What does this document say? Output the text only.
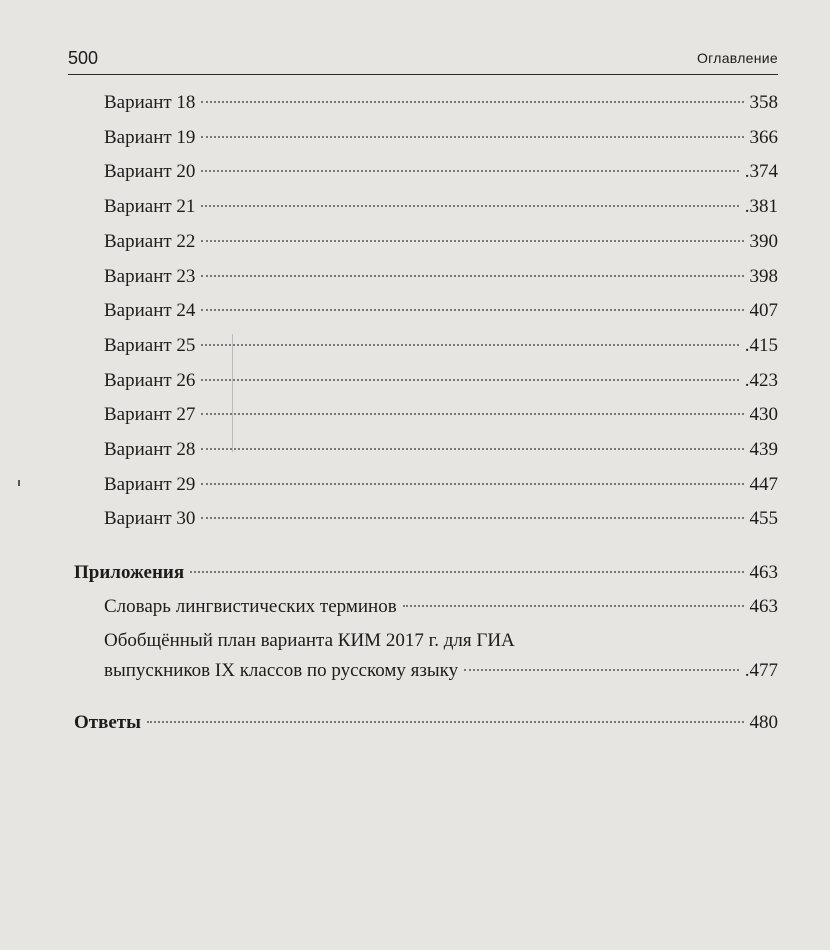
500	Оглавление
Вариант 18	358
Вариант 19	366
Вариант 20	.374
Вариант 21	.381
Вариант 22	390
Вариант 23	398
Вариант 24	407
Вариант 25	.415
Вариант 26	.423
Вариант 27	430
Вариант 28	439
Вариант 29	447
Вариант 30	455
Приложения	463
Словарь лингвистических терминов	463
Обобщённый план варианта КИМ 2017 г. для ГИА
выпускников IX классов по русскому языку	.477
Ответы	480
